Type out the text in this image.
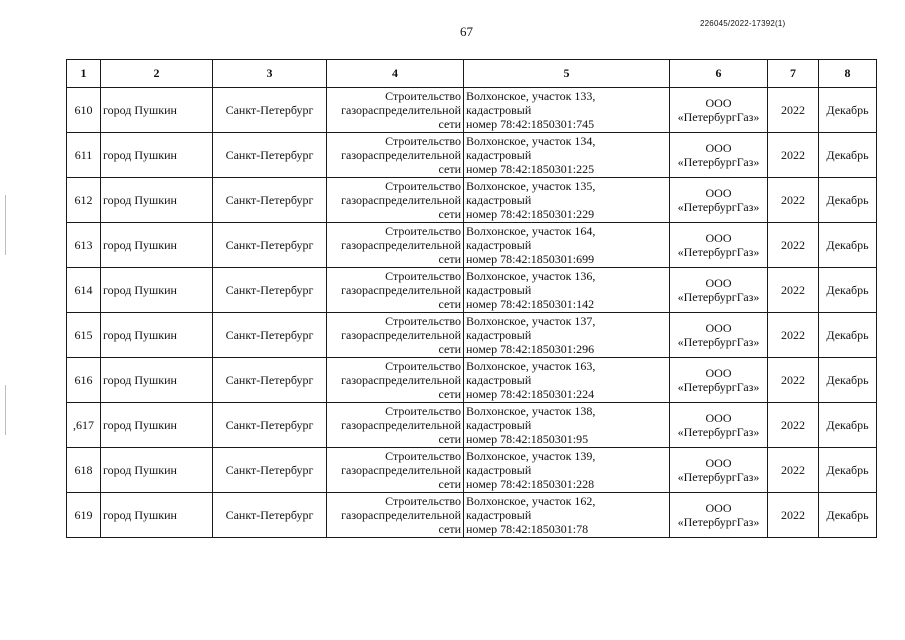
67
226045/2022-17392(1)
1	2	3	4	5	6	7	8
610	город Пушкин	Санкт-Петербург	Строительство
газораспределительной
сети	Волхонское, участок 133,
кадастровый
номер 78:42:1850301:745	ООО
«ПетербургГаз»	2022	Декабрь
611	город Пушкин	Санкт-Петербург	Строительство
газораспределительной
сети	Волхонское, участок 134,
кадастровый
номер 78:42:1850301:225	ООО
«ПетербургГаз»	2022	Декабрь
612	город Пушкин	Санкт-Петербург	Строительство
газораспределительной
сети	Волхонское, участок 135,
кадастровый
номер 78:42:1850301:229	ООО
«ПетербургГаз»	2022	Декабрь
613	город Пушкин	Санкт-Петербург	Строительство
газораспределительной
сети	Волхонское, участок 164,
кадастровый
номер 78:42:1850301:699	ООО
«ПетербургГаз»	2022	Декабрь
614	город Пушкин	Санкт-Петербург	Строительство
газораспределительной
сети	Волхонское, участок 136,
кадастровый
номер 78:42:1850301:142	ООО
«ПетербургГаз»	2022	Декабрь
615	город Пушкин	Санкт-Петербург	Строительство
газораспределительной
сети	Волхонское, участок 137,
кадастровый
номер 78:42:1850301:296	ООО
«ПетербургГаз»	2022	Декабрь
616	город Пушкин	Санкт-Петербург	Строительство
газораспределительной
сети	Волхонское, участок 163,
кадастровый
номер 78:42:1850301:224	ООО
«ПетербургГаз»	2022	Декабрь
,617	город Пушкин	Санкт-Петербург	Строительство
газораспределительной
сети	Волхонское, участок 138,
кадастровый
номер 78:42:1850301:95	ООО
«ПетербургГаз»	2022	Декабрь
618	город Пушкин	Санкт-Петербург	Строительство
газораспределительной
сети	Волхонское, участок 139,
кадастровый
номер 78:42:1850301:228	ООО
«ПетербургГаз»	2022	Декабрь
619	город Пушкин	Санкт-Петербург	Строительство
газораспределительной
сети	Волхонское, участок 162,
кадастровый
номер 78:42:1850301:78	ООО
«ПетербургГаз»	2022	Декабрь
